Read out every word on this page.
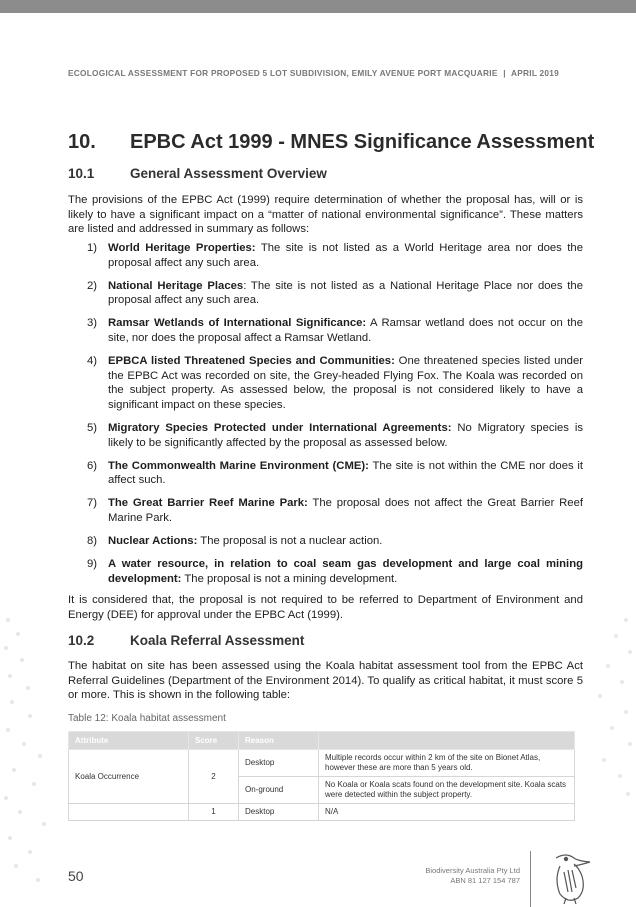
ECOLOGICAL ASSESSMENT FOR PROPOSED 5 LOT SUBDIVISION, EMILY AVENUE PORT MACQUARIE | APRIL 2019
10. EPBC Act 1999 - MNES Significance Assessment
10.1	General Assessment Overview
The provisions of the EPBC Act (1999) require determination of whether the proposal has, will or is likely to have a significant impact on a “matter of national environmental significance”. These matters are listed and addressed in summary as follows:
1) World Heritage Properties: The site is not listed as a World Heritage area nor does the proposal affect any such area.
2) National Heritage Places: The site is not listed as a National Heritage Place nor does the proposal affect any such area.
3) Ramsar Wetlands of International Significance: A Ramsar wetland does not occur on the site, nor does the proposal affect a Ramsar Wetland.
4) EPBCA listed Threatened Species and Communities: One threatened species listed under the EPBC Act was recorded on site, the Grey-headed Flying Fox. The Koala was recorded on the subject property. As assessed below, the proposal is not considered likely to have a significant impact on these species.
5) Migratory Species Protected under International Agreements: No Migratory species is likely to be significantly affected by the proposal as assessed below.
6) The Commonwealth Marine Environment (CME): The site is not within the CME nor does it affect such.
7) The Great Barrier Reef Marine Park: The proposal does not affect the Great Barrier Reef Marine Park.
8) Nuclear Actions: The proposal is not a nuclear action.
9) A water resource, in relation to coal seam gas development and large coal mining development: The proposal is not a mining development.
It is considered that, the proposal is not required to be referred to Department of Environment and Energy (DEE) for approval under the EPBC Act (1999).
10.2	Koala Referral Assessment
The habitat on site has been assessed using the Koala habitat assessment tool from the EPBC Act Referral Guidelines (Department of the Environment 2014). To qualify as critical habitat, it must score 5 or more. This is shown in the following table:
Table 12: Koala habitat assessment
Attribute	Score	Reason	
Koala Occurrence	2	Desktop	Multiple records occur within 2 km of the site on Bionet Atlas, however these are more than 5 years old.
		On-ground	No Koala or Koala scats found on the development site. Koala scats were detected within the subject property.
	1	Desktop	N/A
50	Biodiversity Australia Pty Ltd
ABN 81 127 154 787
